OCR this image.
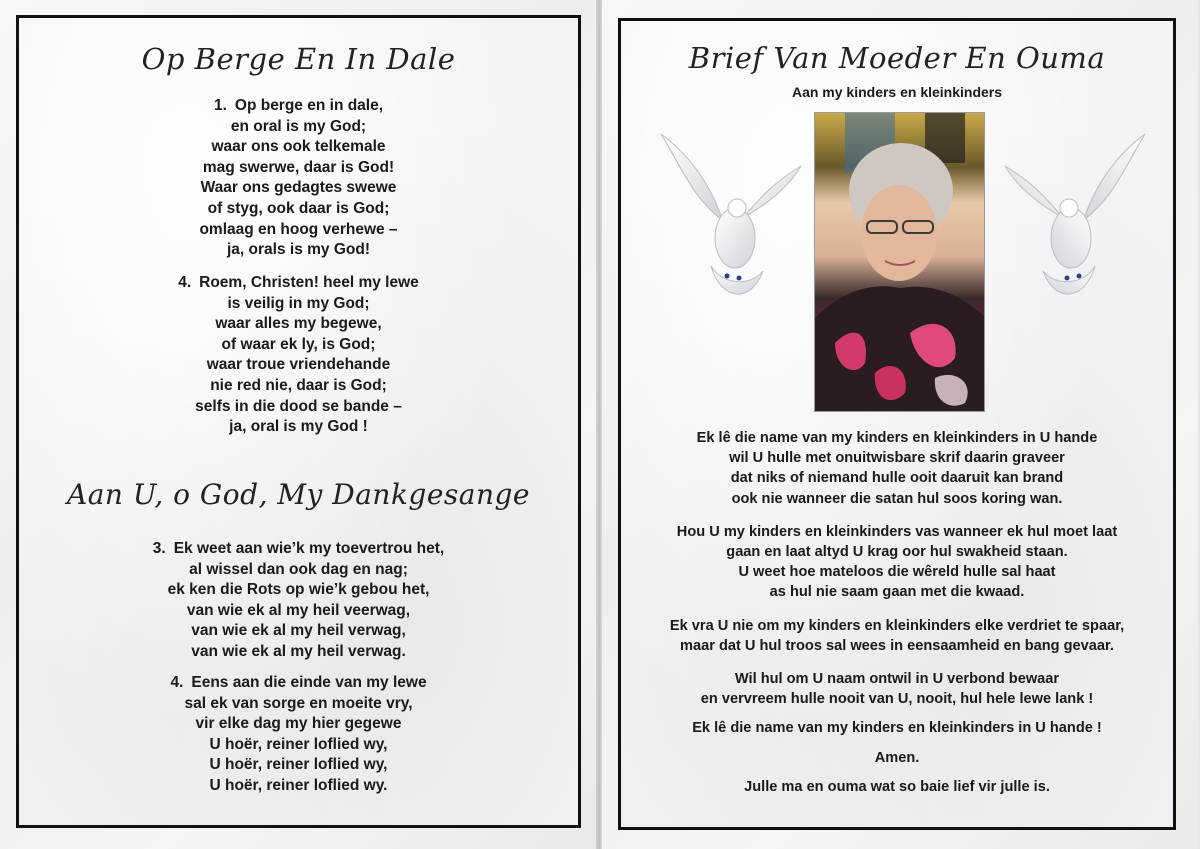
Op Berge En In Dale
1. Op berge en in dale,
en oral is my God;
waar ons ook telkemale
mag swerwe, daar is God!
Waar ons gedagtes swewe
of styg, ook daar is God;
omlaag en hoog verhewe –
ja, orals is my God!
4. Roem, Christen! heel my lewe
is veilig in my God;
waar alles my begewe,
of waar ek ly, is God;
waar troue vriendehande
nie red nie, daar is God;
selfs in die dood se bande –
ja, oral is my God !
Aan U, o God, My Dankgesange
3. Ek weet aan wie’k my toevertrou het,
al wissel dan ook dag en nag;
ek ken die Rots op wie’k gebou het,
van wie ek al my heil veerwag,
van wie ek al my heil verwag,
van wie ek al my heil verwag.
4. Eens aan die einde van my lewe
sal ek van sorge en moeite vry,
vir elke dag my hier gegewe
U hoër, reiner loflied wy,
U hoër, reiner loflied wy,
U hoër, reiner loflied wy.
Brief Van Moeder En Ouma
Aan my kinders en kleinkinders
Ek lê die name van my kinders en kleinkinders in U hande
wil U hulle met onuitwisbare skrif daarin graveer
dat niks of niemand hulle ooit daaruit kan brand
ook nie wanneer die satan hul soos koring wan.
Hou U my kinders en kleinkinders vas wanneer ek hul moet laat
gaan en laat altyd U krag oor hul swakheid staan.
U weet hoe mateloos die wêreld hulle sal haat
as hul nie saam gaan met die kwaad.
Ek vra U nie om my kinders en kleinkinders elke verdriet te spaar,
maar dat U hul troos sal wees in eensaamheid en bang gevaar.
Wil hul om U naam ontwil in U verbond bewaar
en vervreem hulle nooit van U, nooit, hul hele lewe lank !
Ek lê die name van my kinders en kleinkinders in U hande !
Amen.
Julle ma en ouma wat so baie lief vir julle is.
